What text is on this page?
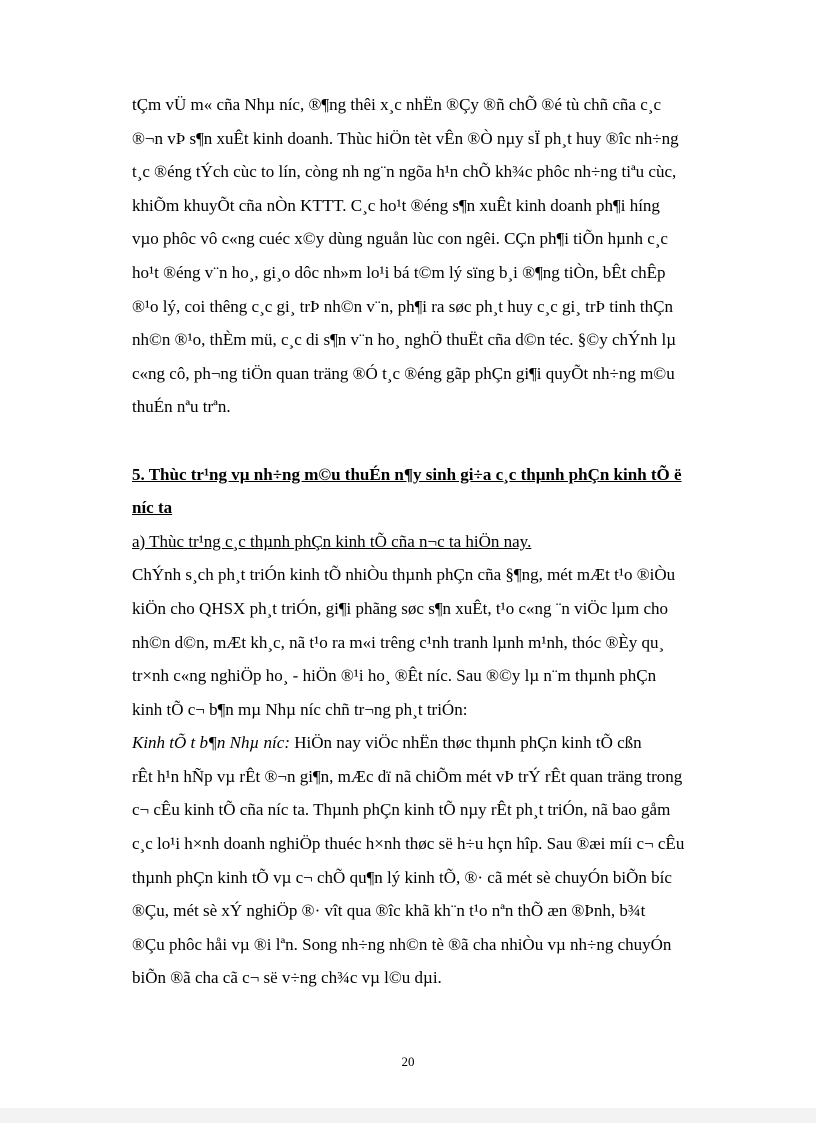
tÇm vÜ m« cña Nhµ níc, ®¶ng thêi x¸c nhËn ®Çy ®ñ chÕ ®é tù chñ cña c¸c
®¬n vÞ s¶n xuÊt kinh doanh. Thùc hiÖn tèt vÊn ®Ò nµy sÏ ph¸t huy ®îc nh÷ng
t¸c ®éng tÝch cùc to lín, còng nh ng¨n ngõa h¹n chÕ kh¾c phôc nh÷ng tiªu cùc,
khiÕm khuyÕt cña nÒn KTTT. C¸c ho¹t ®éng s¶n xuÊt kinh doanh ph¶i híng
vµo phôc vô c«ng cuéc x©y dùng nguån lùc con ngêi. CÇn ph¶i tiÕn hµnh c¸c
ho¹t ®éng v¨n ho¸, gi¸o dôc nh»m lo¹i bá t©m lý sïng b¸i ®¶ng tiÒn, bÊt chÊp
®¹o lý, coi thêng c¸c gi¸ trÞ nh©n v¨n, ph¶i ra søc ph¸t huy c¸c gi¸ trÞ tinh thÇn
nh©n ®¹o, thÈm mü, c¸c di s¶n v¨n ho¸ nghÖ thuËt cña d©n téc. §©y chÝnh lµ
c«ng cô, ph¬ng tiÖn quan träng ®Ó t¸c ®éng gãp phÇn gi¶i quyÕt nh÷ng m©u
thuÉn nªu trªn.
5. Thùc tr¹ng vµ nh÷ng m©u thuÉn n¶y sinh gi÷a c¸c thµnh phÇn kinh tÕ ë
níc ta
a) Thùc tr¹ng c¸c thµnh phÇn kinh tÕ cña n¬c ta hiÖn nay.
ChÝnh s¸ch ph¸t triÓn kinh tÕ nhiÒu thµnh phÇn cña §¶ng, mét mÆt t¹o ®iÒu
kiÖn cho QHSX ph¸t triÓn, gi¶i phãng søc s¶n xuÊt, t¹o c«ng ¨n viÖc lµm cho
nh©n d©n, mÆt kh¸c, nã t¹o ra m«i trêng c¹nh tranh lµnh m¹nh, thóc ®Èy qu¸
tr×nh c«ng nghiÖp ho¸ - hiÖn ®¹i ho¸ ®Êt níc. Sau ®©y lµ n¨m thµnh phÇn
kinh tÕ c¬ b¶n mµ Nhµ níc chñ tr¬ng ph¸t triÓn:
Kinh tÕ t b¶n Nhµ níc: HiÖn nay viÖc nhËn thøc thµnh phÇn kinh tÕ cßn
rÊt h¹n hÑp vµ rÊt ®¬n gi¶n, mÆc dï nã chiÕm mét vÞ trÝ rÊt quan träng trong
c¬ cÊu kinh tÕ cña níc ta. Thµnh phÇn kinh tÕ nµy rÊt ph¸t triÓn, nã bao gåm
c¸c lo¹i h×nh doanh nghiÖp thuéc h×nh thøc së h÷u hçn hîp. Sau ®æi míi c¬ cÊu
thµnh phÇn kinh tÕ vµ c¬ chÕ qu¶n lý kinh tÕ, ®· cã mét sè chuyÓn biÕn bíc
®Çu, mét sè xÝ nghiÖp ®· vît qua ®îc khã kh¨n t¹o nªn thÕ æn ®Þnh, b¾t
®Çu phôc håi vµ ®i lªn. Song nh÷ng nh©n tè ®ã cha nhiÒu vµ nh÷ng chuyÓn
biÕn ®ã cha cã c¬ së v÷ng ch¾c vµ l©u dµi.
20
